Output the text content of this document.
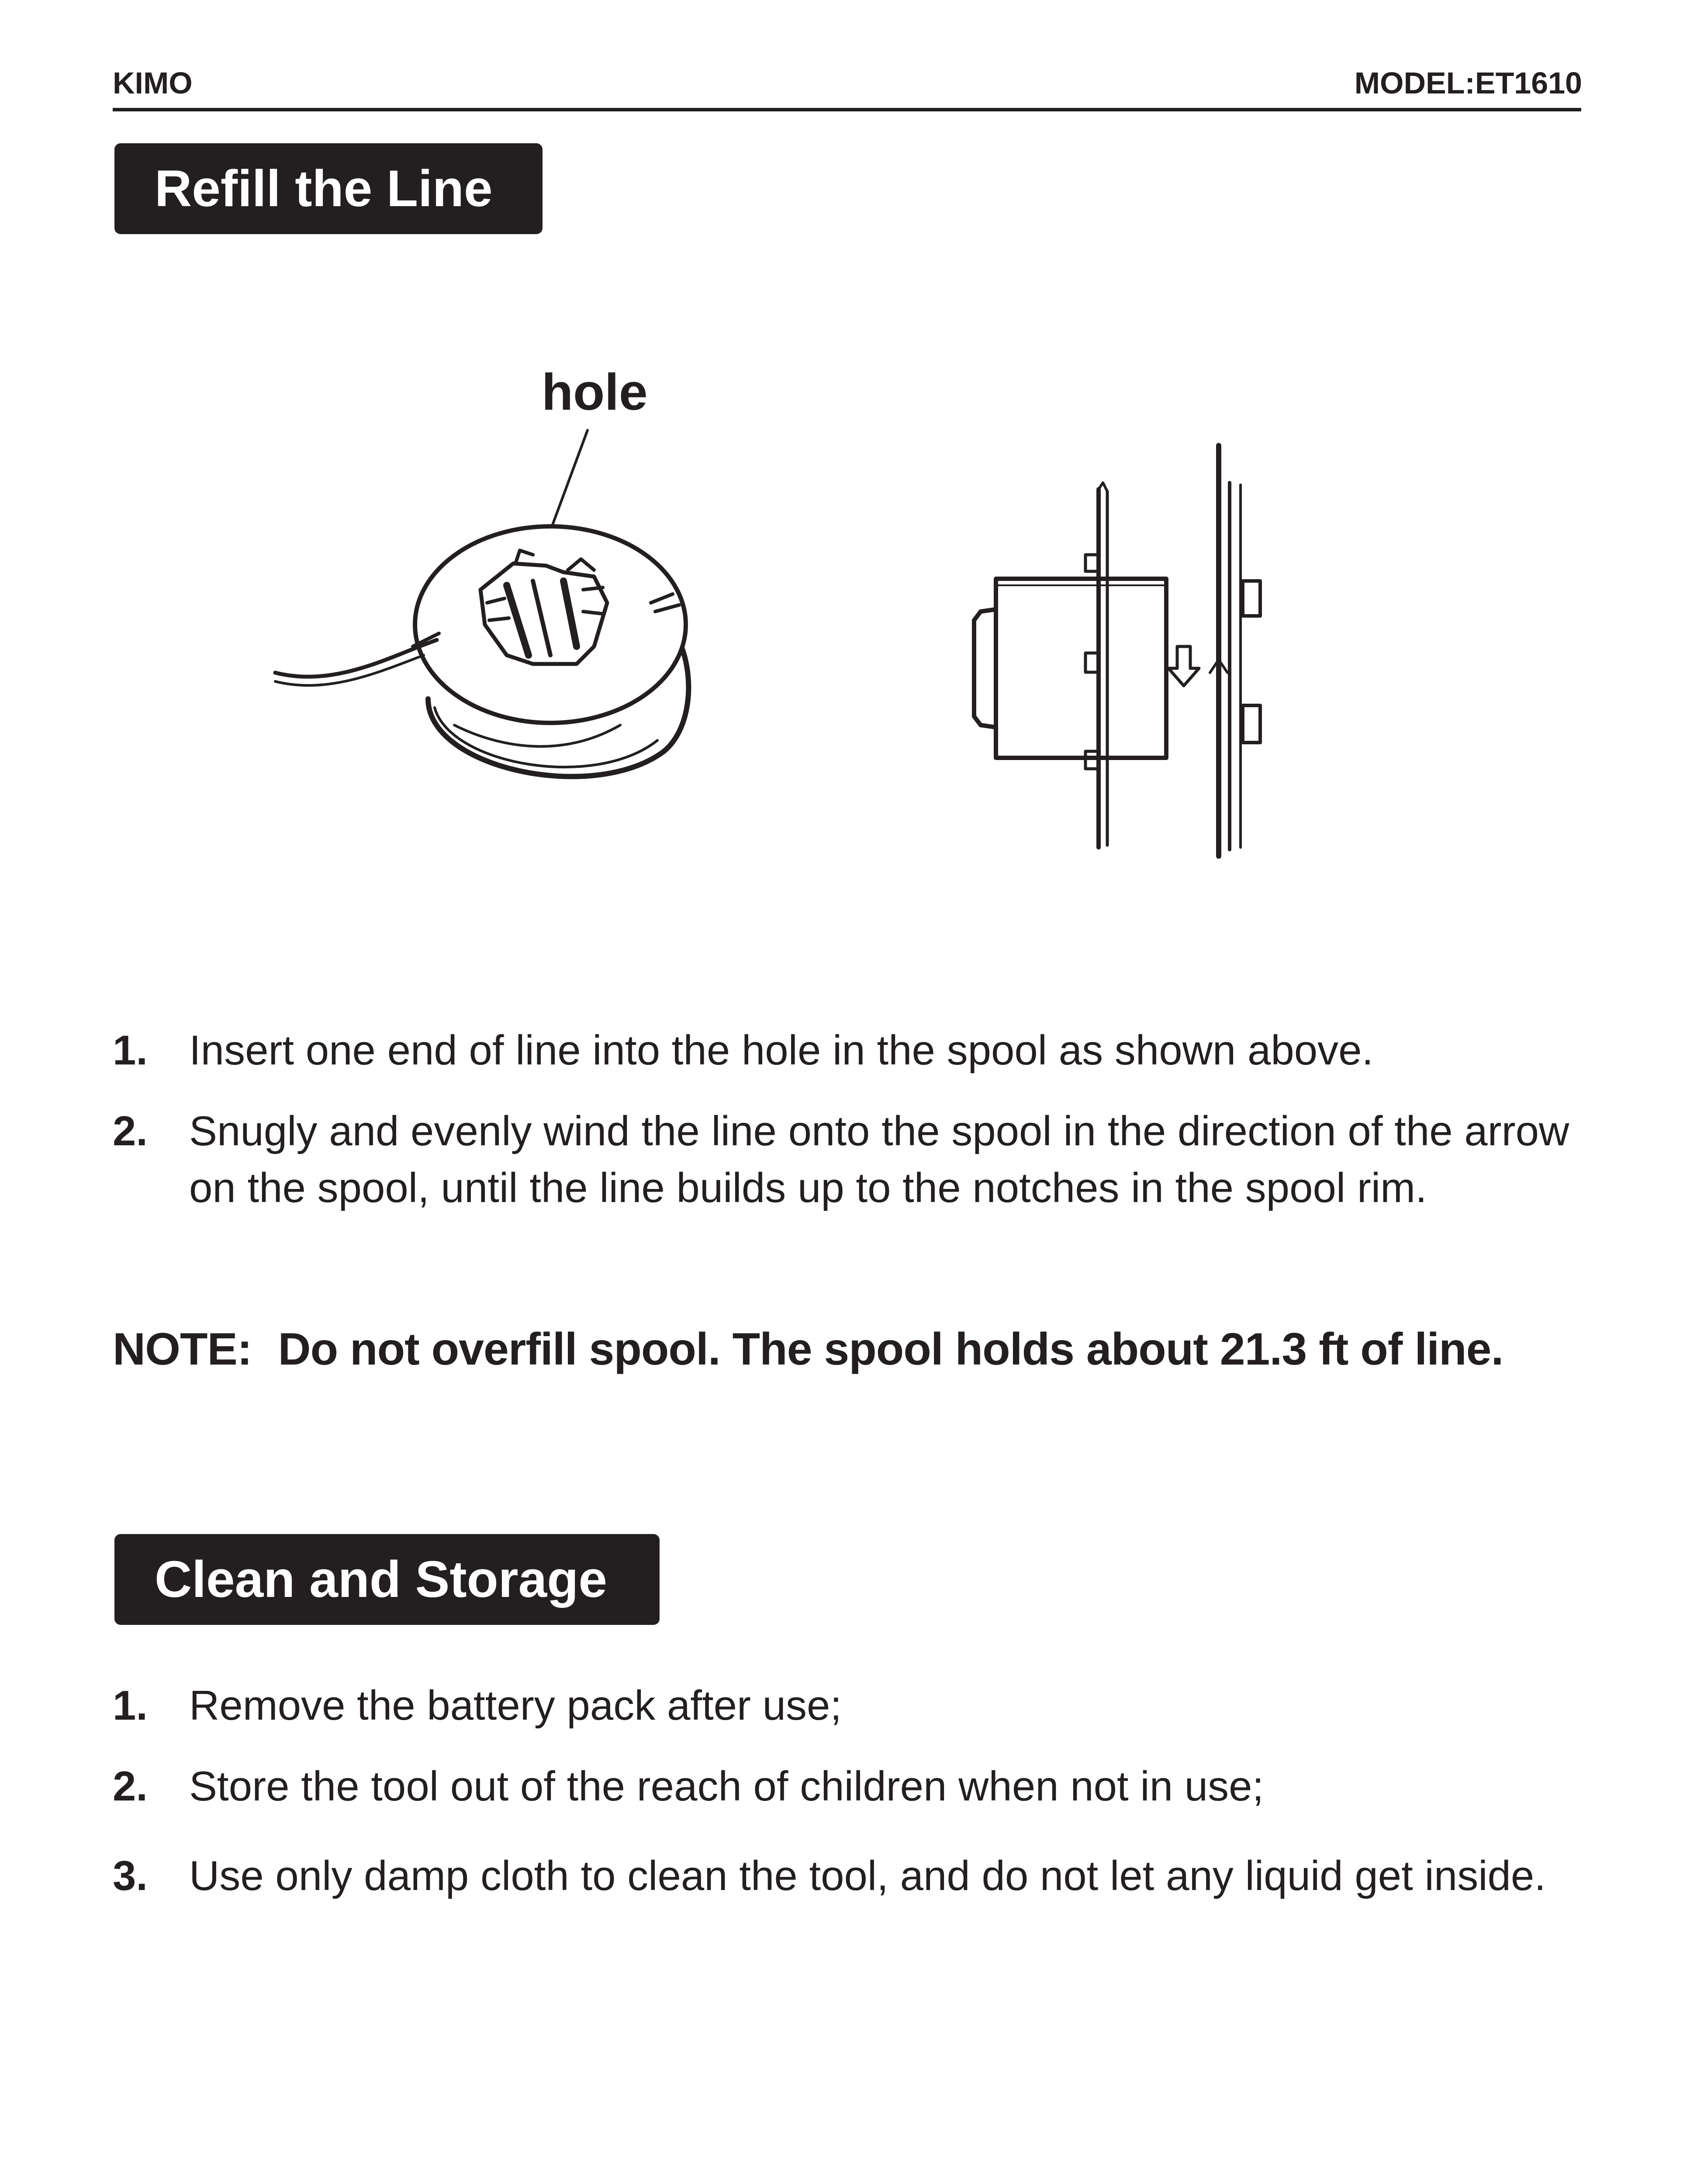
KIMO	MODEL:ET1610
Refill the Line
hole
1. Insert one end of line into the hole in the spool as shown above.
2. Snugly and evenly wind the line onto the spool in the direction of the arrow on the spool, until the line builds up to the notches in the spool rim.
NOTE: Do not overfill spool. The spool holds about 21.3 ft of line.
Clean and Storage
1. Remove the battery pack after use;
2. Store the tool out of the reach of children when not in use;
3. Use only damp cloth to clean the tool, and do not let any liquid get inside.
